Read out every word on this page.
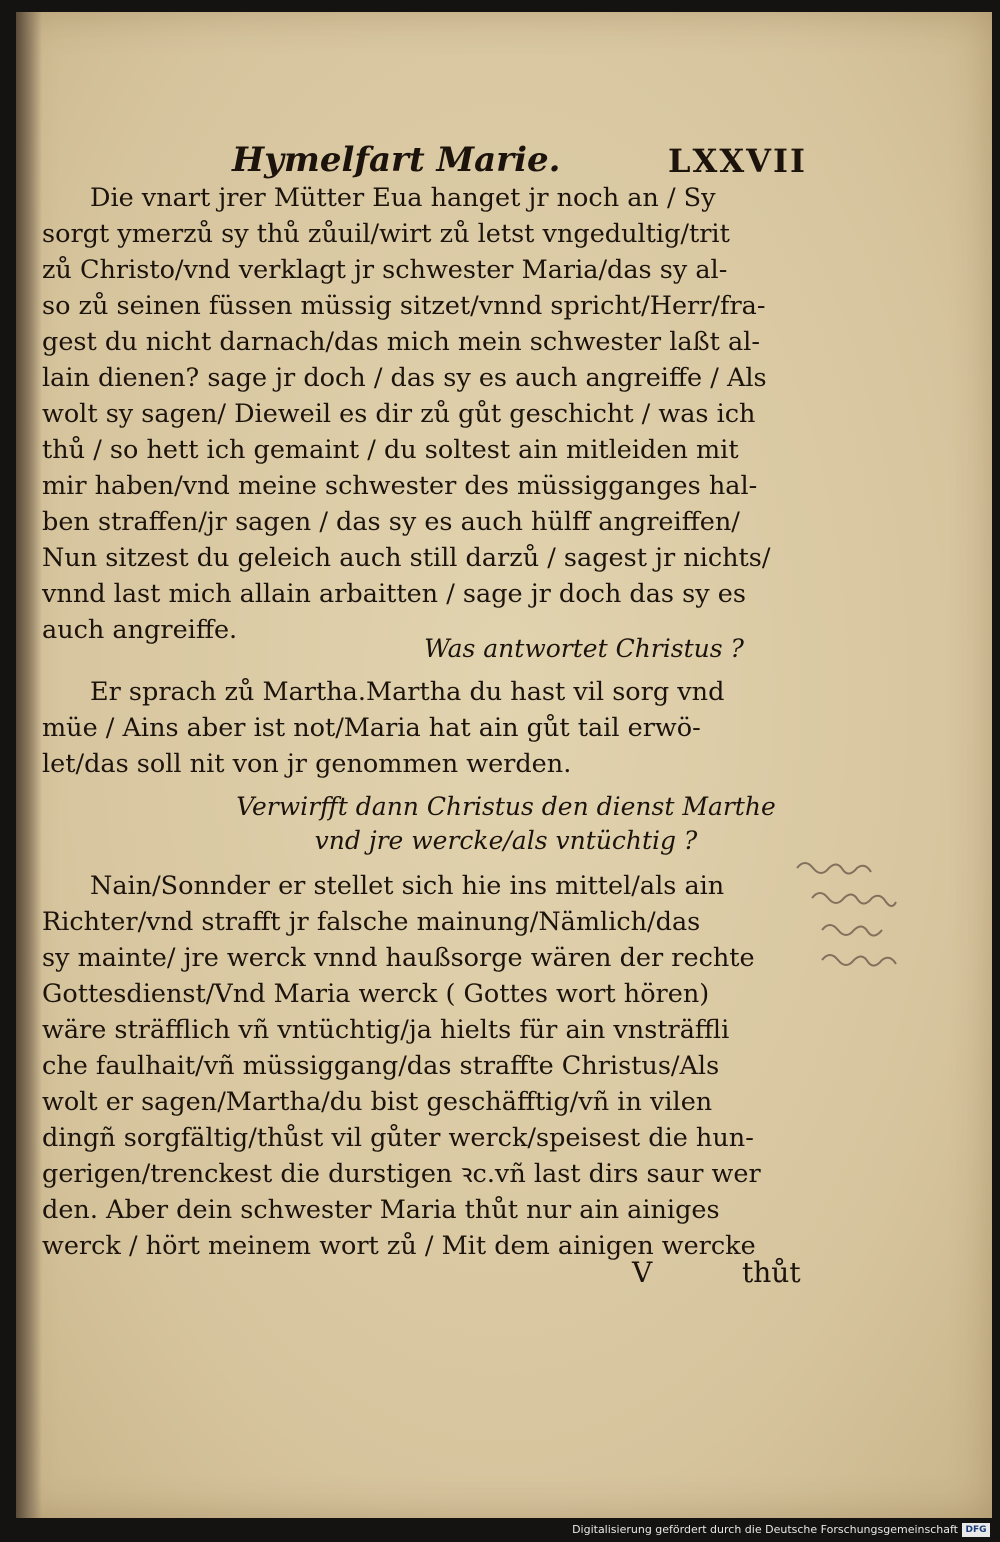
Hymelfart Marie.	LXXVII
Die vnart jrer Mütter Eua hanget jr noch an / Sy
sorgt ymerzů sy thů zůuil/wirt zů letst vngedultig/trit
zů Christo/vnd verklagt jr schwester Maria/das sy al-
so zů seinen füssen müssig sitzet/vnnd spricht/Herr/fra-
gest du nicht darnach/das mich mein schwester laßt al-
lain dienen? sage jr doch / das sy es auch angreiffe / Als
wolt sy sagen/ Dieweil es dir zů gůt geschicht / was ich
thů / so hett ich gemaint / du soltest ain mitleiden mit
mir haben/vnd meine schwester des müssigganges hal-
ben straffen/jr sagen / das sy es auch hülff angreiffen/
Nun sitzest du geleich auch still darzů / sagest jr nichts/
vnnd last mich allain arbaitten / sage jr doch das sy es
auch angreiffe.
Was antwortet Christus ?
Er sprach zů Martha.Martha du hast vil sorg vnd
müe / Ains aber ist not/Maria hat ain gůt tail erwö-
let/das soll nit von jr genommen werden.
Verwirfft dann Christus den dienst Marthe
vnd jre wercke/als vntüchtig ?
Nain/Sonnder er stellet sich hie ins mittel/als ain
Richter/vnd strafft jr falsche mainung/Nämlich/das
sy mainte/ jre werck vnnd haußsorge wären der rechte
Gottesdienst/Vnd Maria werck ( Gottes wort hören)
wäre sträfflich vñ vntüchtig/ja hielts für ain vnsträffli
che faulhait/vñ müssiggang/das straffte Christus/Als
wolt er sagen/Martha/du bist geschäfftig/vñ in vilen
dingñ sorgfältig/thůst vil gůter werck/speisest die hun-
gerigen/trenckest die durstigen ꝛc.vñ last dirs saur wer
den. Aber dein schwester Maria thůt nur ain ainiges
werck / hört meinem wort zů / Mit dem ainigen wercke
V	thůt
Digitalisierung gefördert durch die Deutsche Forschungsgemeinschaft DFG
